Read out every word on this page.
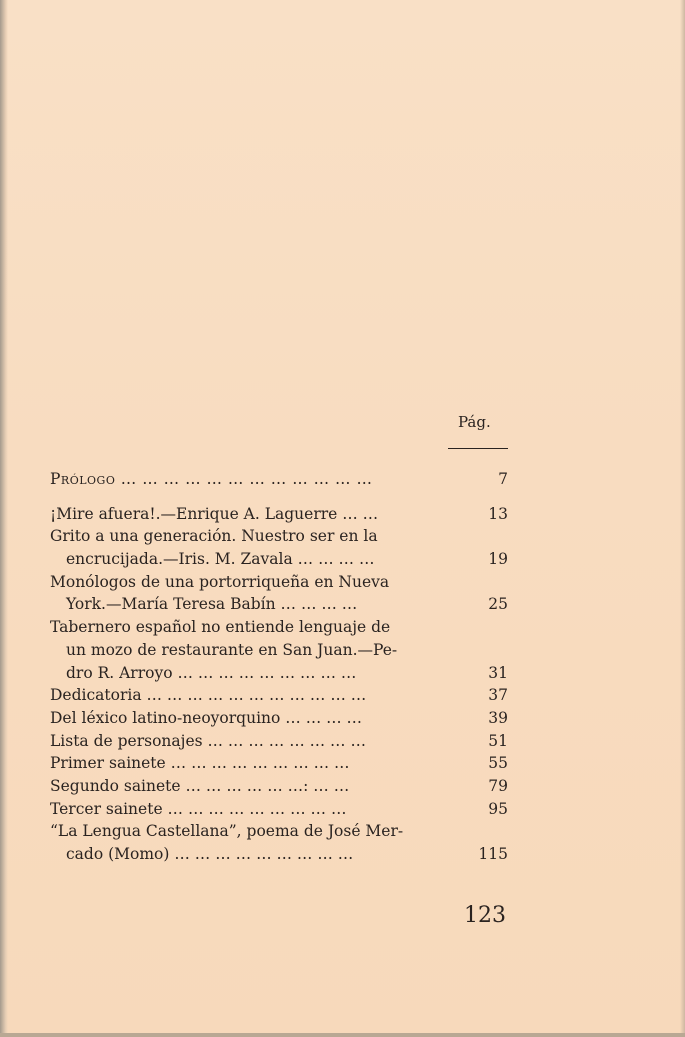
Pág.
Prólogo … … … … … … … … … … … …	7
¡Mire afuera!.—Enrique A. Laguerre … …	13
Grito a una generación. Nuestro ser en la
encrucijada.—Iris. M. Zavala … … … …	19
Monólogos de una portorriqueña en Nueva
York.—María Teresa Babín … … … …	25
Tabernero español no entiende lenguaje de
un mozo de restaurante en San Juan.—Pe-
dro R. Arroyo … … … … … … … … …	31
Dedicatoria … … … … … … … … … … …	37
Del léxico latino-neoyorquino … … … …	39
Lista de personajes … … … … … … … …	51
Primer sainete … … … … … … … … …	55
Segundo sainete … … … … … …: … …	79
Tercer sainete … … … … … … … … …	95
“La Lengua Castellana”, poema de José Mer-
cado (Momo) … … … … … … … … …	115
123
